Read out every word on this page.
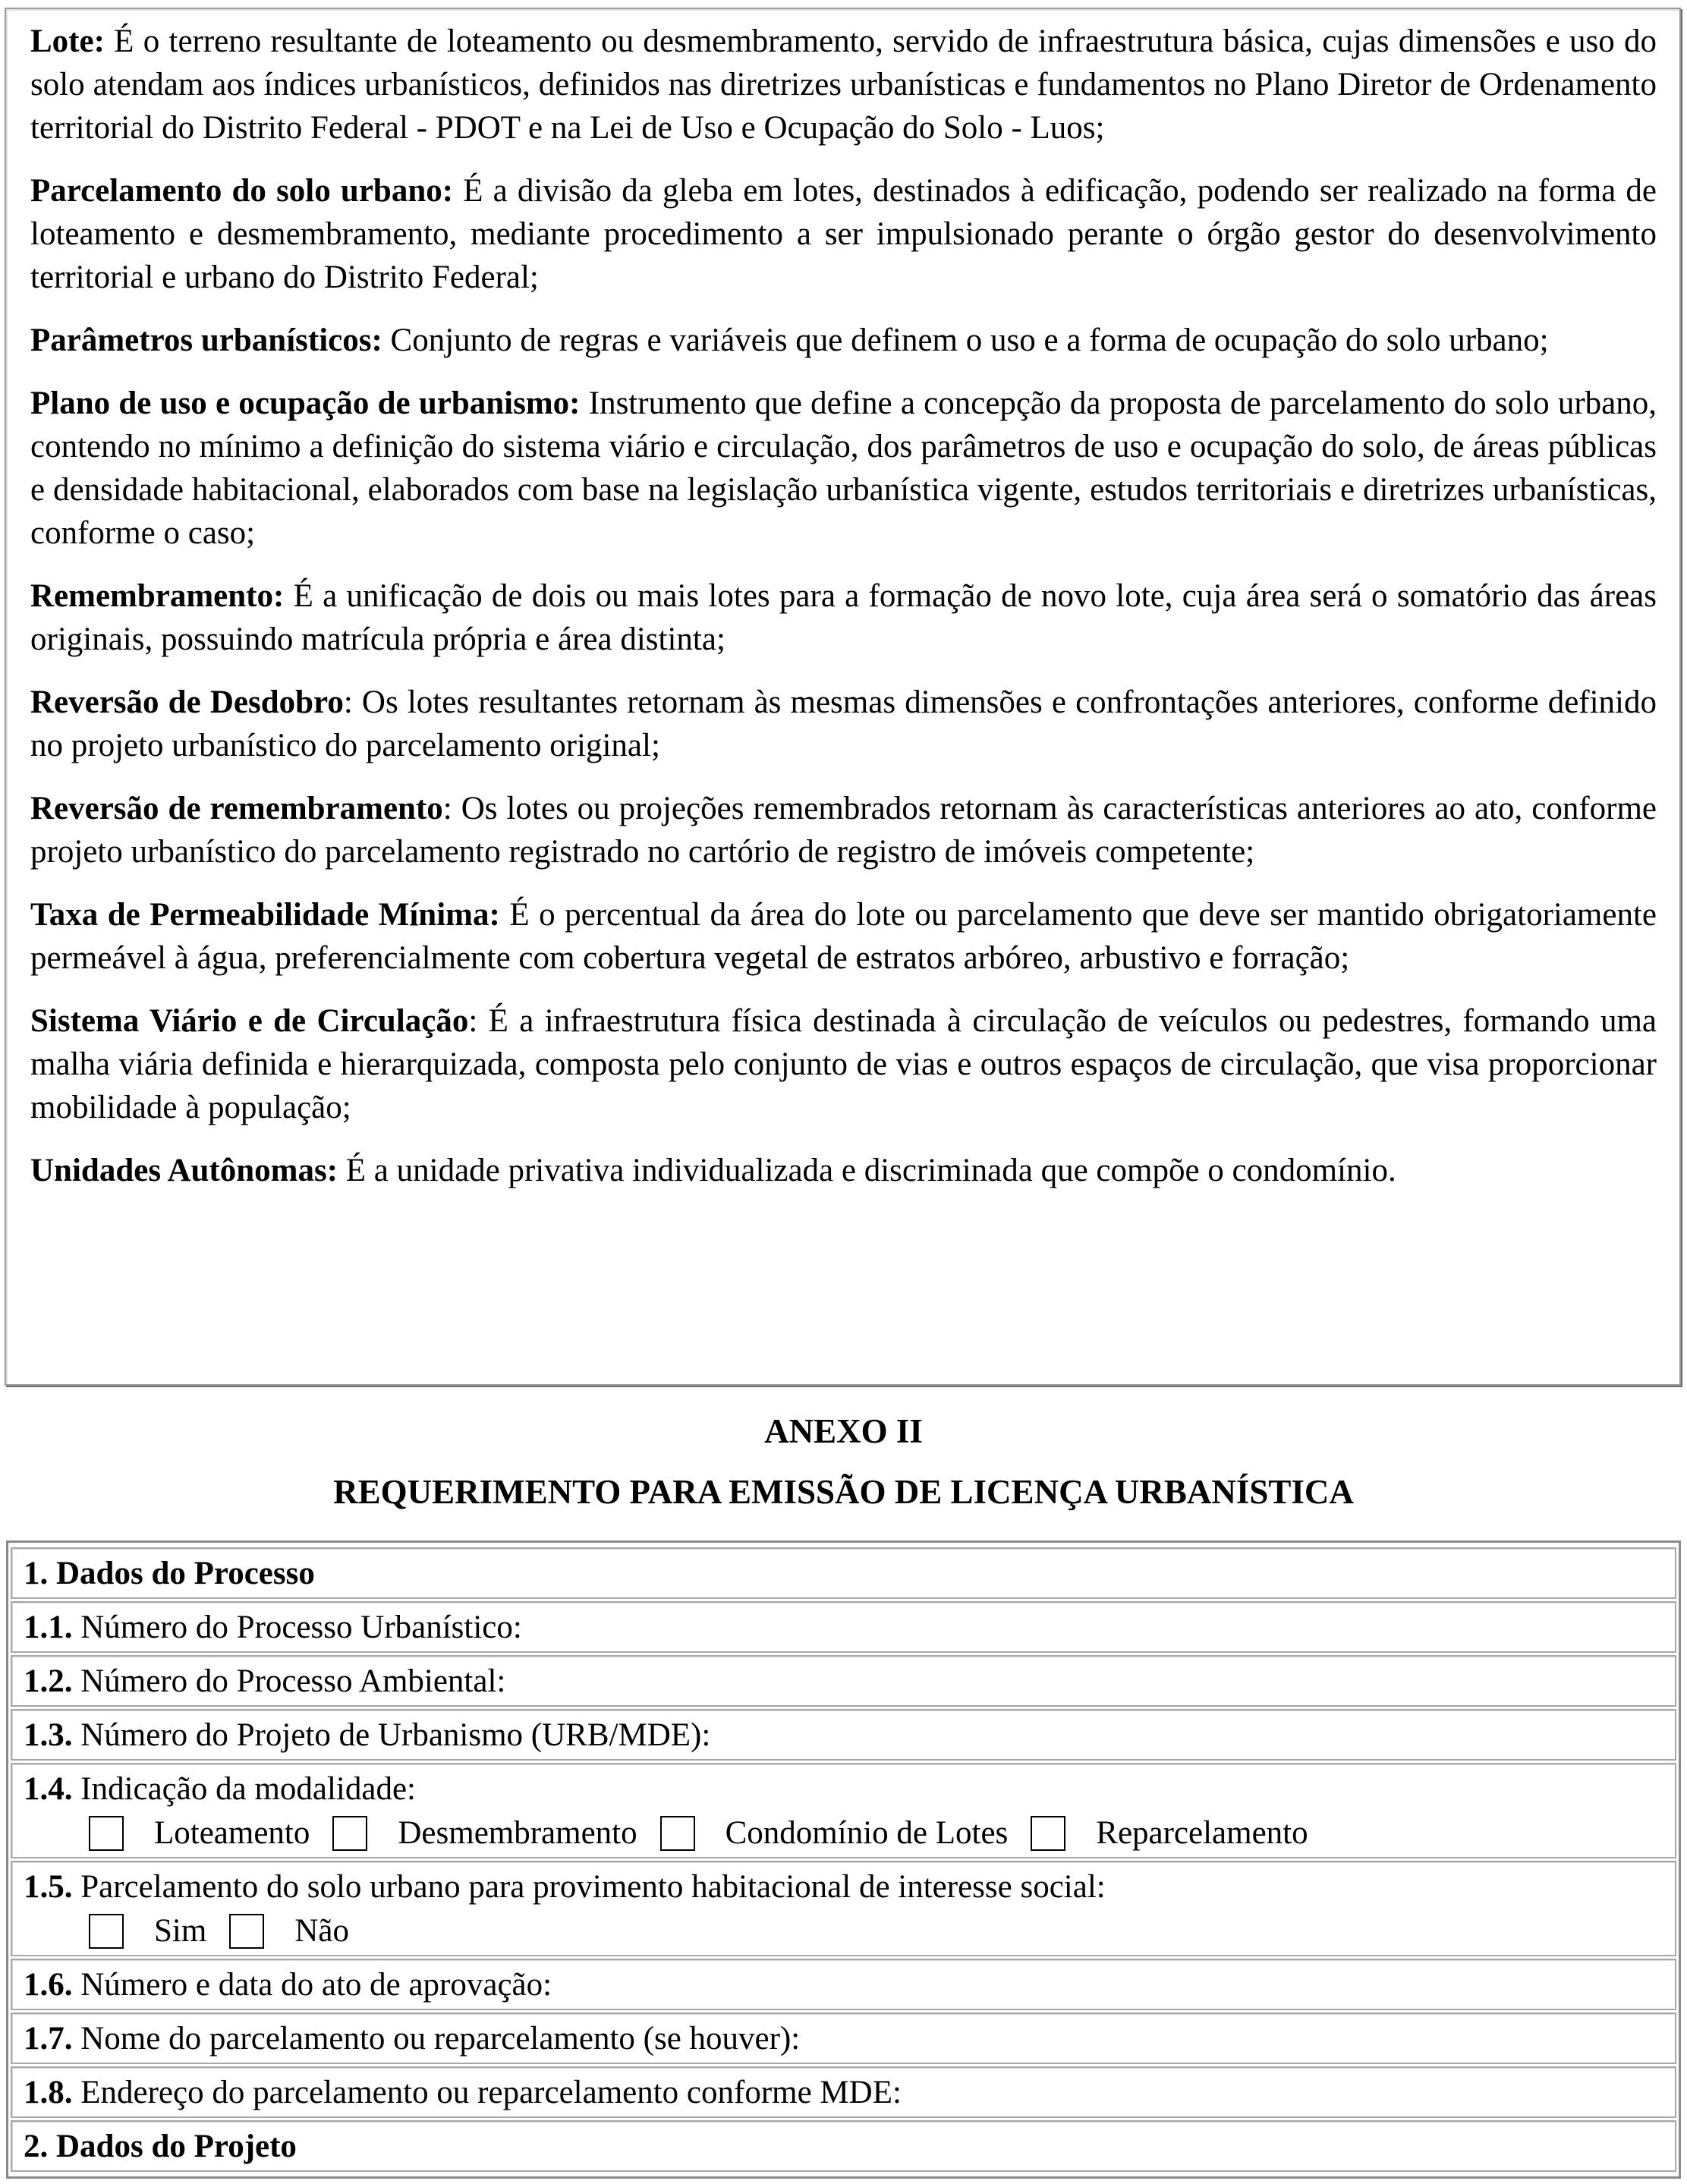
Lote: É o terreno resultante de loteamento ou desmembramento, servido de infraestrutura básica, cujas dimensões e uso do solo atendam aos índices urbanísticos, definidos nas diretrizes urbanísticas e fundamentos no Plano Diretor de Ordenamento territorial do Distrito Federal - PDOT e na Lei de Uso e Ocupação do Solo - Luos;

Parcelamento do solo urbano: É a divisão da gleba em lotes, destinados à edificação, podendo ser realizado na forma de loteamento e desmembramento, mediante procedimento a ser impulsionado perante o órgão gestor do desenvolvimento territorial e urbano do Distrito Federal;

Parâmetros urbanísticos: Conjunto de regras e variáveis que definem o uso e a forma de ocupação do solo urbano;

Plano de uso e ocupação de urbanismo: Instrumento que define a concepção da proposta de parcelamento do solo urbano, contendo no mínimo a definição do sistema viário e circulação, dos parâmetros de uso e ocupação do solo, de áreas públicas e densidade habitacional, elaborados com base na legislação urbanística vigente, estudos territoriais e diretrizes urbanísticas, conforme o caso;

Remembramento: É a unificação de dois ou mais lotes para a formação de novo lote, cuja área será o somatório das áreas originais, possuindo matrícula própria e área distinta;

Reversão de Desdobro: Os lotes resultantes retornam às mesmas dimensões e confrontações anteriores, conforme definido no projeto urbanístico do parcelamento original;

Reversão de remembramento: Os lotes ou projeções remembrados retornam às características anteriores ao ato, conforme projeto urbanístico do parcelamento registrado no cartório de registro de imóveis competente;

Taxa de Permeabilidade Mínima: É o percentual da área do lote ou parcelamento que deve ser mantido obrigatoriamente permeável à água, preferencialmente com cobertura vegetal de estratos arbóreo, arbustivo e forração;

Sistema Viário e de Circulação: É a infraestrutura física destinada à circulação de veículos ou pedestres, formando uma malha viária definida e hierarquizada, composta pelo conjunto de vias e outros espaços de circulação, que visa proporcionar mobilidade à população;

Unidades Autônomas: É a unidade privativa individualizada e discriminada que compõe o condomínio.

ANEXO II
REQUERIMENTO PARA EMISSÃO DE LICENÇA URBANÍSTICA
1. Dados do Processo
1.1. Número do Processo Urbanístico:
1.2. Número do Processo Ambiental:
1.3. Número do Projeto de Urbanismo (URB/MDE):
1.4. Indicação da modalidade:
Loteamento	Desmembramento	Condomínio de Lotes	Reparcelamento
1.5. Parcelamento do solo urbano para provimento habitacional de interesse social:
Sim	Não
1.6. Número e data do ato de aprovação:
1.7. Nome do parcelamento ou reparcelamento (se houver):
1.8. Endereço do parcelamento ou reparcelamento conforme MDE:
2. Dados do Projeto
